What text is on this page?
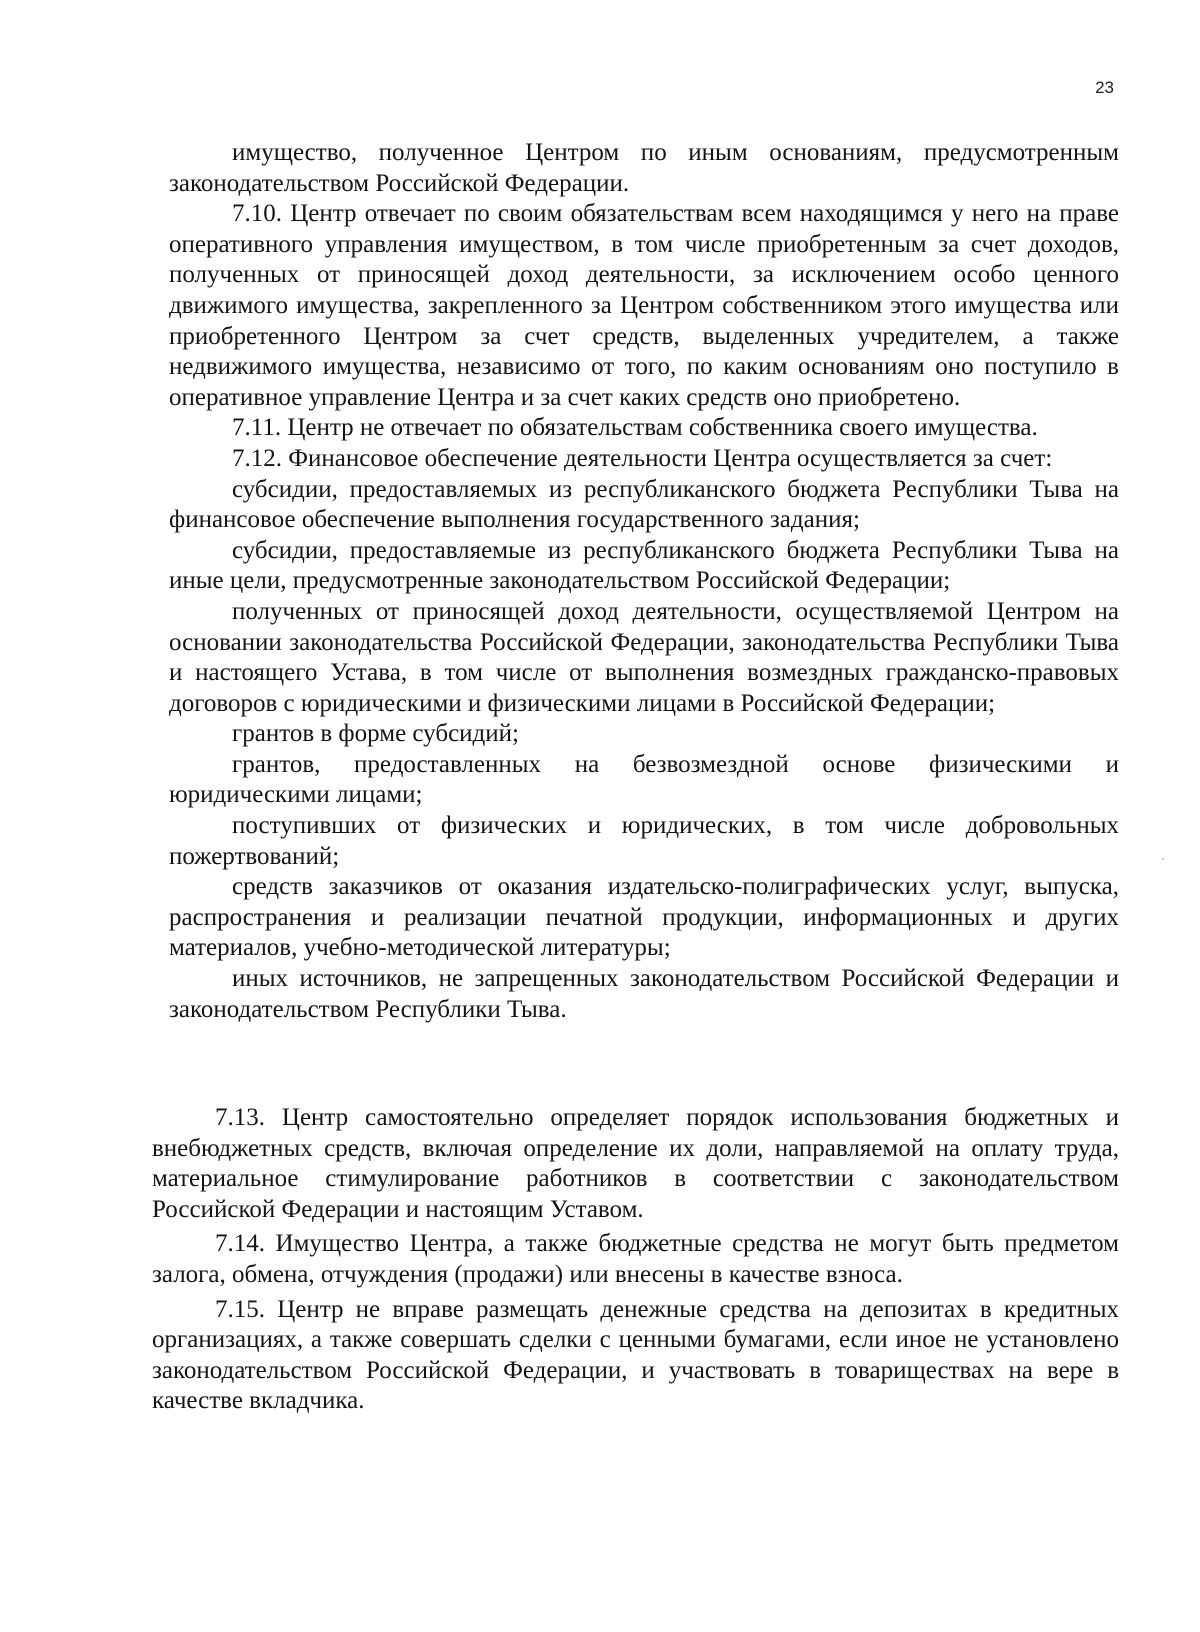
23

имущество, полученное Центром по иным основаниям, предусмотренным законодательством Российской Федерации.

7.10. Центр отвечает по своим обязательствам всем находящимся у него на праве оперативного управления имуществом, в том числе приобретенным за счет доходов, полученных от приносящей доход деятельности, за исключением особо ценного движимого имущества, закрепленного за Центром собственником этого имущества или приобретенного Центром за счет средств, выделенных учредителем, а также недвижимого имущества, независимо от того, по каким основаниям оно поступило в оперативное управление Центра и за счет каких средств оно приобретено.

7.11. Центр не отвечает по обязательствам собственника своего имущества.

7.12. Финансовое обеспечение деятельности Центра осуществляется за счет:

субсидии, предоставляемых из республиканского бюджета Республики Тыва на финансовое обеспечение выполнения государственного задания;

субсидии, предоставляемые из республиканского бюджета Республики Тыва на иные цели, предусмотренные законодательством Российской Федерации;

полученных от приносящей доход деятельности, осуществляемой Центром на основании законодательства Российской Федерации, законодательства Республики Тыва и настоящего Устава, в том числе от выполнения возмездных гражданско-правовых договоров с юридическими и физическими лицами в Российской Федерации;

грантов в форме субсидий;

грантов, предоставленных на безвозмездной основе физическими и юридическими лицами;

поступивших от физических и юридических, в том числе добровольных пожертвований;

средств заказчиков от оказания издательско-полиграфических услуг, выпуска, распространения и реализации печатной продукции, информационных и других материалов, учебно-методической литературы;

иных источников, не запрещенных законодательством Российской Федерации и законодательством Республики Тыва.

7.13. Центр самостоятельно определяет порядок использования бюджетных и внебюджетных средств, включая определение их доли, направляемой на оплату труда, материальное стимулирование работников в соответствии с законодательством Российской Федерации и настоящим Уставом.

7.14. Имущество Центра, а также бюджетные средства не могут быть предметом залога, обмена, отчуждения (продажи) или внесены в качестве взноса.

7.15. Центр не вправе размещать денежные средства на депозитах в кредитных организациях, а также совершать сделки с ценными бумагами, если иное не установлено законодательством Российской Федерации, и участвовать в товариществах на вере в качестве вкладчика.
